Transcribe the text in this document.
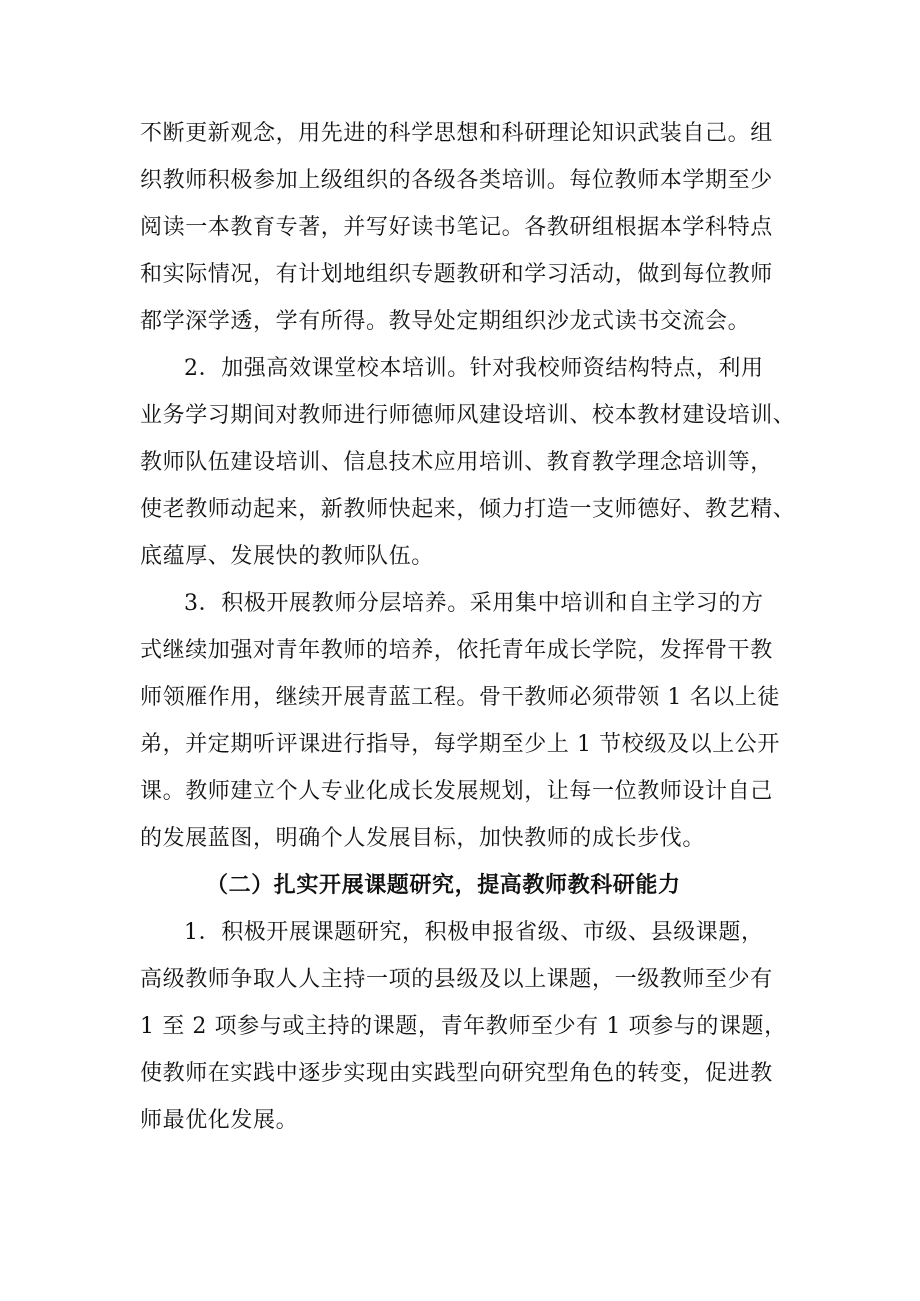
不断更新观念，用先进的科学思想和科研理论知识武装自己。组
织教师积极参加上级组织的各级各类培训。每位教师本学期至少
阅读一本教育专著，并写好读书笔记。各教研组根据本学科特点
和实际情况，有计划地组织专题教研和学习活动，做到每位教师
都学深学透，学有所得。教导处定期组织沙龙式读书交流会。
2．加强高效课堂校本培训。针对我校师资结构特点，利用
业务学习期间对教师进行师德师风建设培训、校本教材建设培训、
教师队伍建设培训、信息技术应用培训、教育教学理念培训等，
使老教师动起来，新教师快起来，倾力打造一支师德好、教艺精、
底蕴厚、发展快的教师队伍。
3．积极开展教师分层培养。采用集中培训和自主学习的方
式继续加强对青年教师的培养，依托青年成长学院，发挥骨干教
师领雁作用，继续开展青蓝工程。骨干教师必须带领 1 名以上徒
弟，并定期听评课进行指导，每学期至少上 1 节校级及以上公开
课。教师建立个人专业化成长发展规划，让每一位教师设计自己
的发展蓝图，明确个人发展目标，加快教师的成长步伐。
（二）扎实开展课题研究，提高教师教科研能力
1．积极开展课题研究，积极申报省级、市级、县级课题，
高级教师争取人人主持一项的县级及以上课题，一级教师至少有
1 至 2 项参与或主持的课题，青年教师至少有 1 项参与的课题，
使教师在实践中逐步实现由实践型向研究型角色的转变，促进教
师最优化发展。
